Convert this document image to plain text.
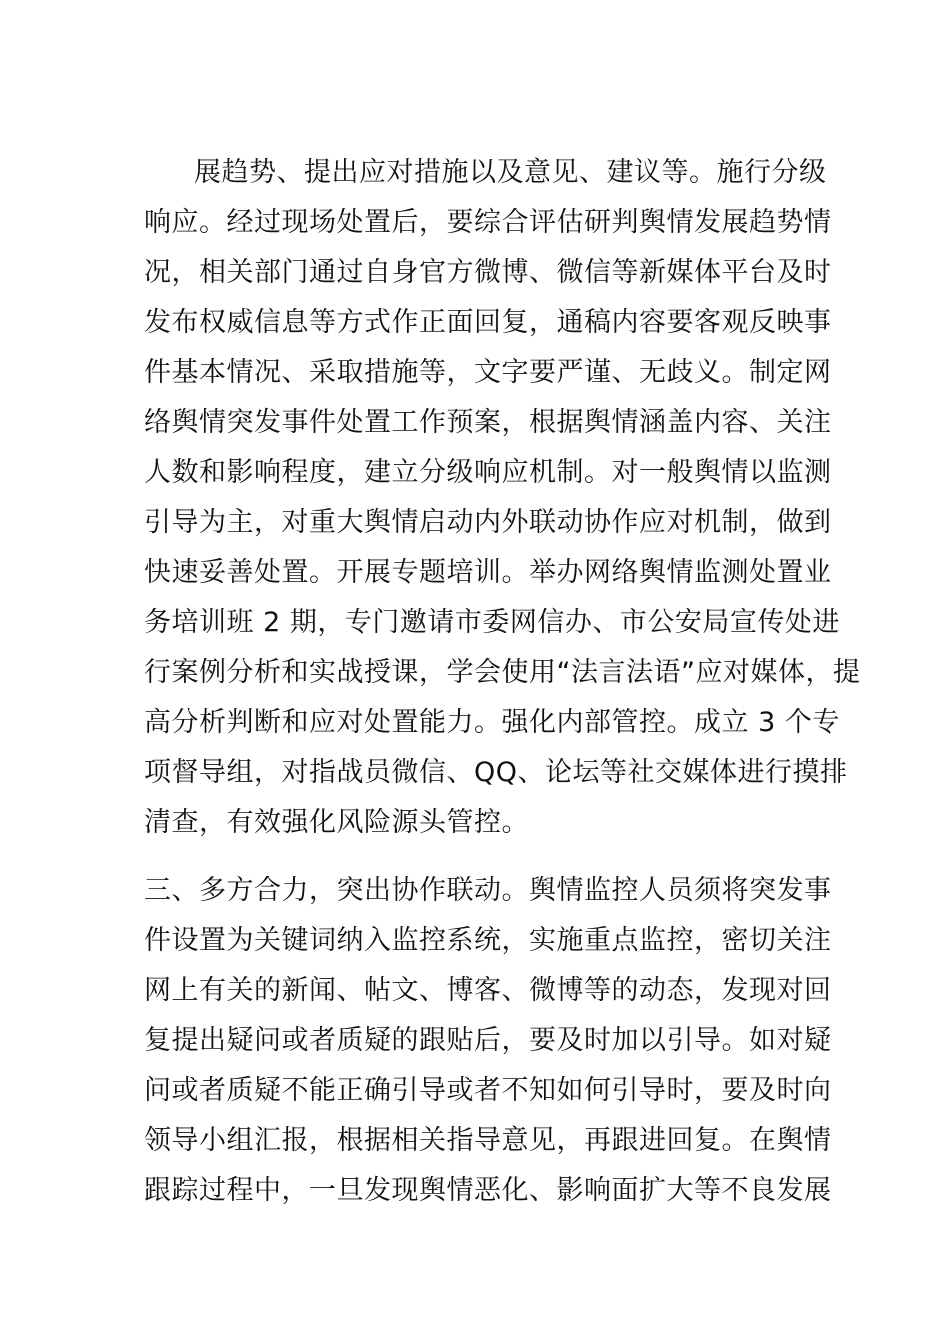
展趋势、提出应对措施以及意见、建议等。施行分级
响应。经过现场处置后，要综合评估研判舆情发展趋势情
况，相关部门通过自身官方微博、微信等新媒体平台及时
发布权威信息等方式作正面回复，通稿内容要客观反映事
件基本情况、采取措施等，文字要严谨、无歧义。制定网
络舆情突发事件处置工作预案，根据舆情涵盖内容、关注
人数和影响程度，建立分级响应机制。对一般舆情以监测
引导为主，对重大舆情启动内外联动协作应对机制，做到
快速妥善处置。开展专题培训。举办网络舆情监测处置业
务培训班 2 期，专门邀请市委网信办、市公安局宣传处进
行案例分析和实战授课，学会使用“法言法语”应对媒体，提
高分析判断和应对处置能力。强化内部管控。成立 3 个专
项督导组，对指战员微信、QQ、论坛等社交媒体进行摸排
清查，有效强化风险源头管控。
三、多方合力，突出协作联动。舆情监控人员须将突发事
件设置为关键词纳入监控系统，实施重点监控，密切关注
网上有关的新闻、帖文、博客、微博等的动态，发现对回
复提出疑问或者质疑的跟贴后，要及时加以引导。如对疑
问或者质疑不能正确引导或者不知如何引导时，要及时向
领导小组汇报，根据相关指导意见，再跟进回复。在舆情
跟踪过程中，一旦发现舆情恶化、影响面扩大等不良发展
